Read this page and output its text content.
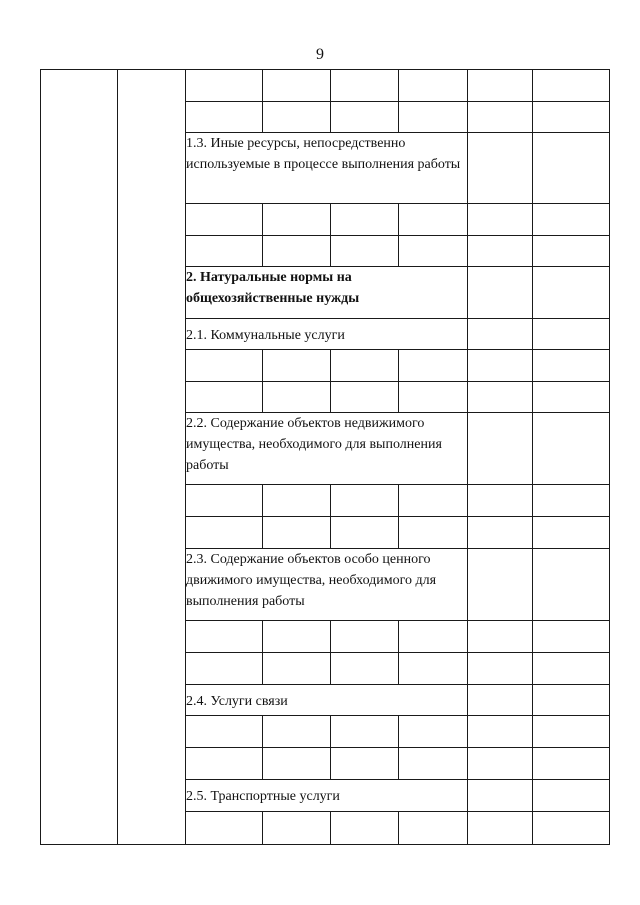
9

		1.3. Иные ресурсы, непосредственно используемые в процессе выполнения работы					

		2. Натуральные нормы на общехозяйственные нужды					
		2.1. Коммунальные услуги					

		2.2. Содержание объектов недвижимого имущества, необходимого для выполнения работы					

		2.3. Содержание объектов особо ценного движимого имущества, необходимого для выполнения работы					

		2.4. Услуги связи					

		2.5. Транспортные услуги					
